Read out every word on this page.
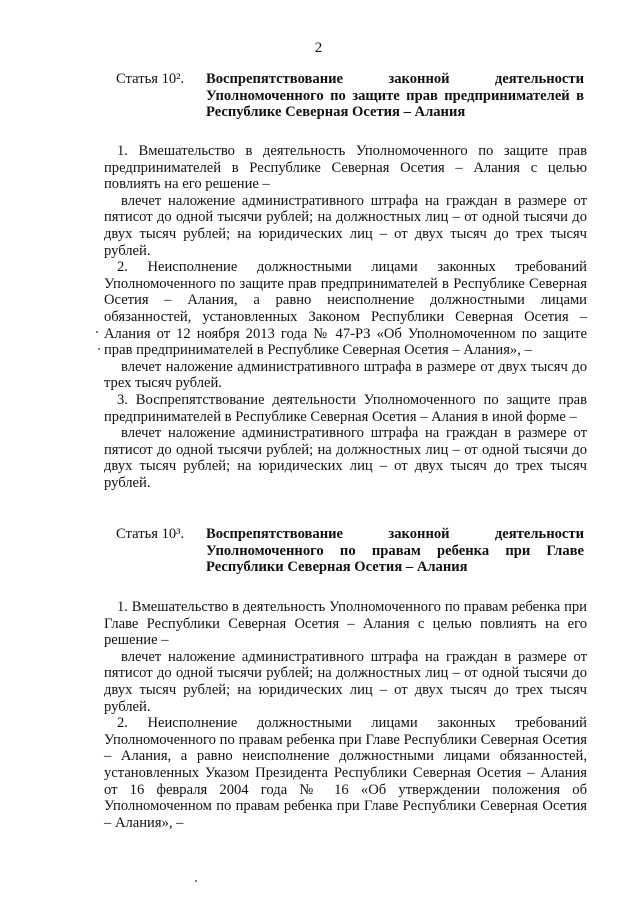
2
Статья 10². Воспрепятствование законной деятельности Уполномоченного по защите прав предпринимателей в Республике Северная Осетия – Алания

1. Вмешательство в деятельность Уполномоченного по защите прав предпринимателей в Республике Северная Осетия – Алания с целью повлиять на его решение –

влечет наложение административного штрафа на граждан в размере от пятисот до одной тысячи рублей; на должностных лиц – от одной тысячи до двух тысяч рублей; на юридических лиц – от двух тысяч до трех тысяч рублей.

2. Неисполнение должностными лицами законных требований Уполномоченного по защите прав предпринимателей в Республике Северная Осетия – Алания, а равно неисполнение должностными лицами обязанностей, установленных Законом Республики Северная Осетия – Алания от 12 ноября 2013 года № 47-РЗ «Об Уполномоченном по защите прав предпринимателей в Республике Северная Осетия – Алания», –

влечет наложение административного штрафа в размере от двух тысяч до трех тысяч рублей.

3. Воспрепятствование деятельности Уполномоченного по защите прав предпринимателей в Республике Северная Осетия – Алания в иной форме –

влечет наложение административного штрафа на граждан в размере от пятисот до одной тысячи рублей; на должностных лиц – от одной тысячи до двух тысяч рублей; на юридических лиц – от двух тысяч до трех тысяч рублей.

Статья 10³. Воспрепятствование законной деятельности Уполномоченного по правам ребенка при Главе Республики Северная Осетия – Алания

1. Вмешательство в деятельность Уполномоченного по правам ребенка при Главе Республики Северная Осетия – Алания с целью повлиять на его решение –

влечет наложение административного штрафа на граждан в размере от пятисот до одной тысячи рублей; на должностных лиц – от одной тысячи до двух тысяч рублей; на юридических лиц – от двух тысяч до трех тысяч рублей.

2. Неисполнение должностными лицами законных требований Уполномоченного по правам ребенка при Главе Республики Северная Осетия – Алания, а равно неисполнение должностными лицами обязанностей, установленных Указом Президента Республики Северная Осетия – Алания от 16 февраля 2004 года № 16 «Об утверждении положения об Уполномоченном по правам ребенка при Главе Республики Северная Осетия – Алания», –
